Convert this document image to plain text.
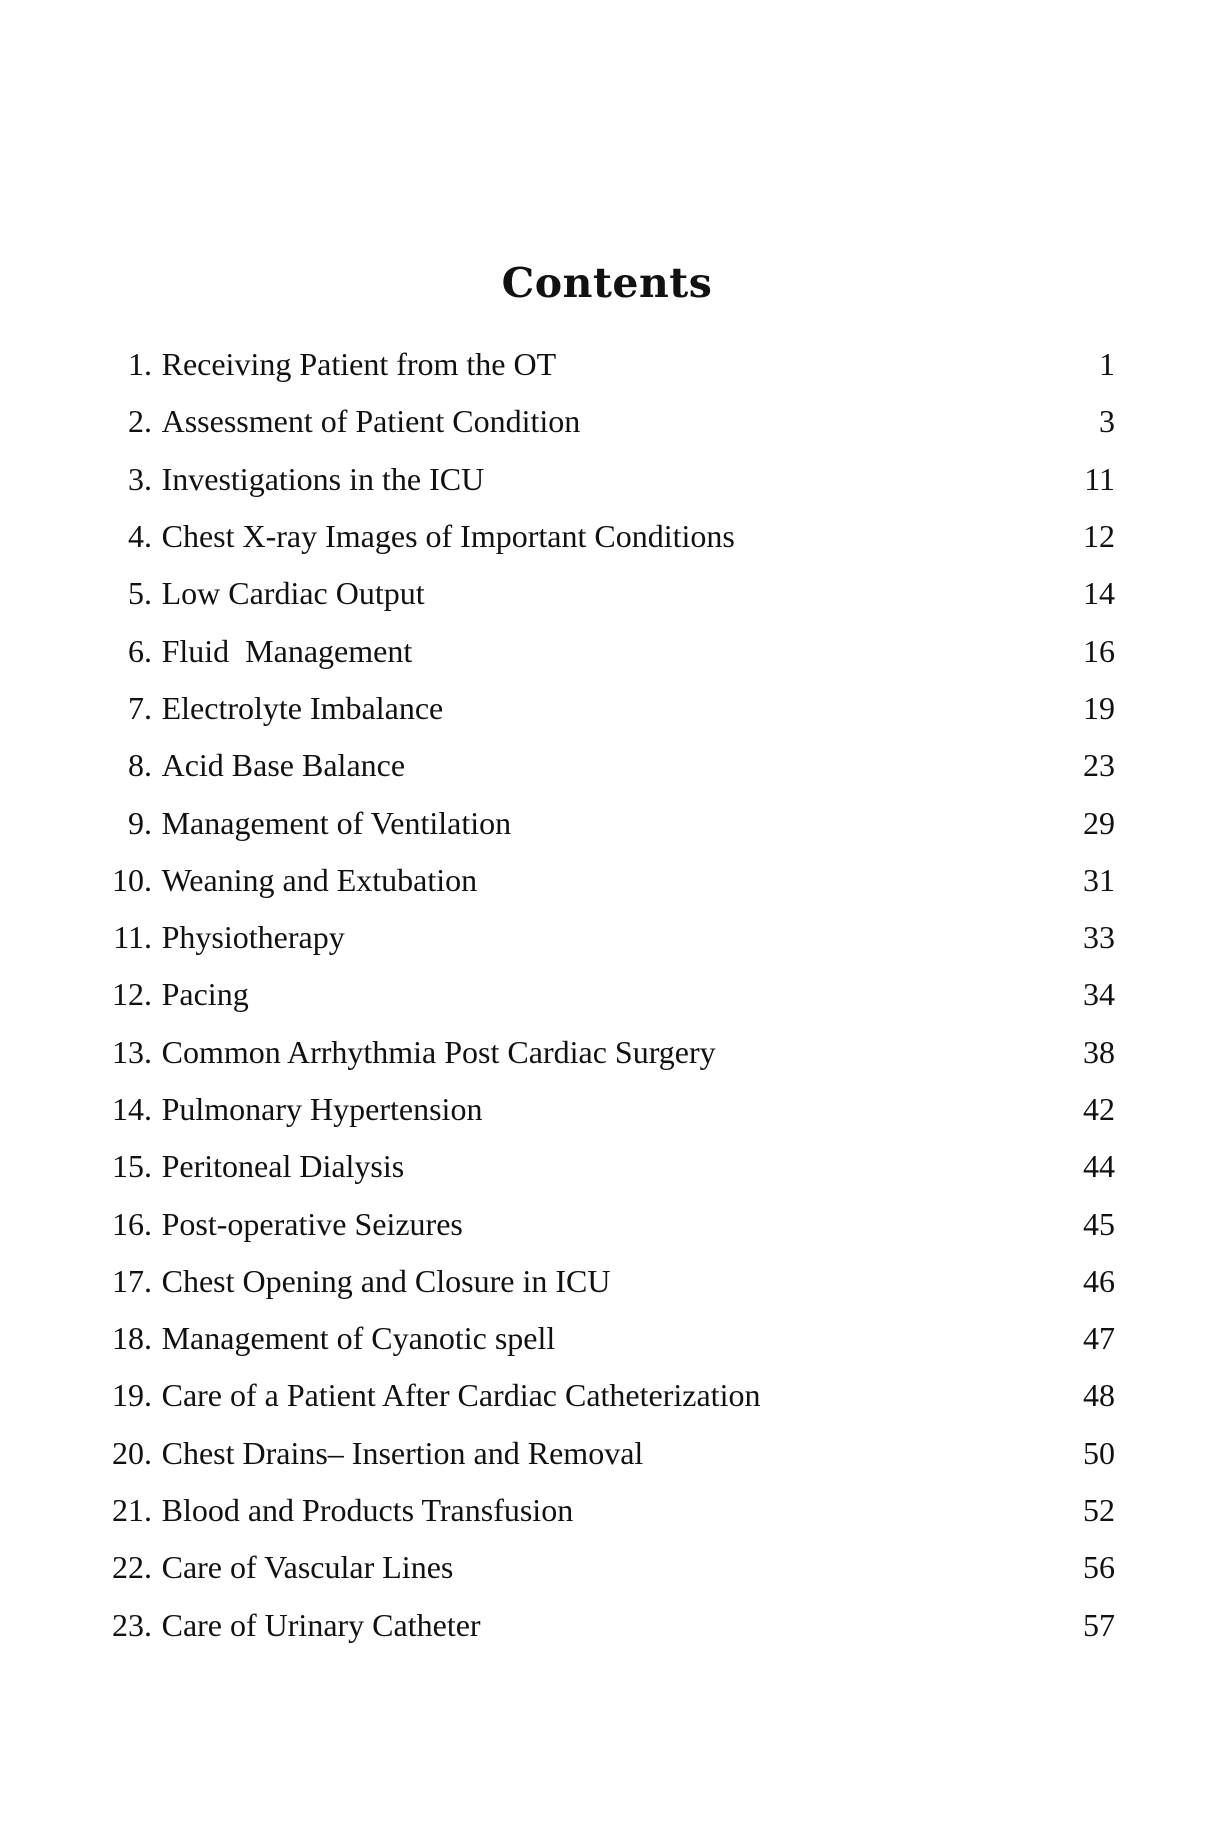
Contents
1. Receiving Patient from the OT	1
2. Assessment of Patient Condition	3
3. Investigations in the ICU	11
4. Chest X-ray Images of Important Conditions	12
5. Low Cardiac Output	14
6. Fluid  Management	16
7. Electrolyte Imbalance	19
8. Acid Base Balance	23
9. Management of Ventilation	29
10. Weaning and Extubation	31
11. Physiotherapy	33
12. Pacing	34
13. Common Arrhythmia Post Cardiac Surgery	38
14. Pulmonary Hypertension	42
15. Peritoneal Dialysis	44
16. Post-operative Seizures	45
17. Chest Opening and Closure in ICU	46
18. Management of Cyanotic spell	47
19. Care of a Patient After Cardiac Catheterization	48
20. Chest Drains– Insertion and Removal	50
21. Blood and Products Transfusion	52
22. Care of Vascular Lines	56
23. Care of Urinary Catheter	57
